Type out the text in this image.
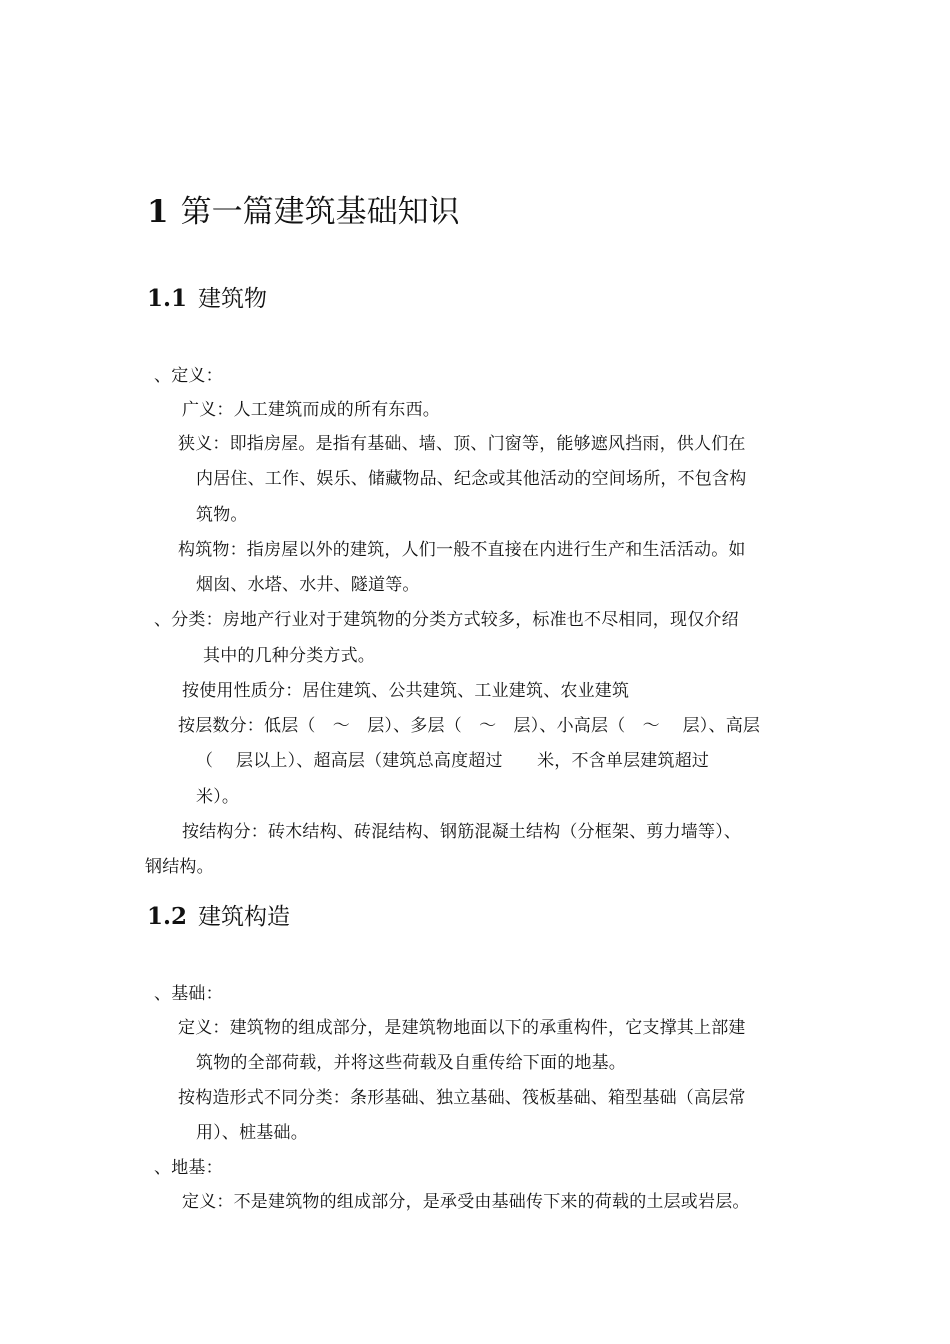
1 第一篇建筑基础知识
1.1 建筑物
、定义：
广义：人工建筑而成的所有东西。
狭义：即指房屋。是指有基础、墙、顶、门窗等，能够遮风挡雨，供人们在
内居住、工作、娱乐、储藏物品、纪念或其他活动的空间场所，不包含构
筑物。
构筑物：指房屋以外的建筑，人们一般不直接在内进行生产和生活活动。如
烟囱、水塔、水井、隧道等。
、分类：房地产行业对于建筑物的分类方式较多，标准也不尽相同，现仅介绍
其中的几种分类方式。
按使用性质分：居住建筑、公共建筑、工业建筑、农业建筑
按层数分：低层（　～　层）、多层（　～　层）、小高层（　～　 层）、高层
（　 层以上）、超高层（建筑总高度超过　　米，不含单层建筑超过
米）。
按结构分：砖木结构、砖混结构、钢筋混凝土结构（分框架、剪力墙等）、
钢结构。
1.2 建筑构造
、基础：
定义：建筑物的组成部分，是建筑物地面以下的承重构件，它支撑其上部建
筑物的全部荷载，并将这些荷载及自重传给下面的地基。
按构造形式不同分类：条形基础、独立基础、筏板基础、箱型基础（高层常
用）、桩基础。
、地基：
定义：不是建筑物的组成部分，是承受由基础传下来的荷载的土层或岩层。
